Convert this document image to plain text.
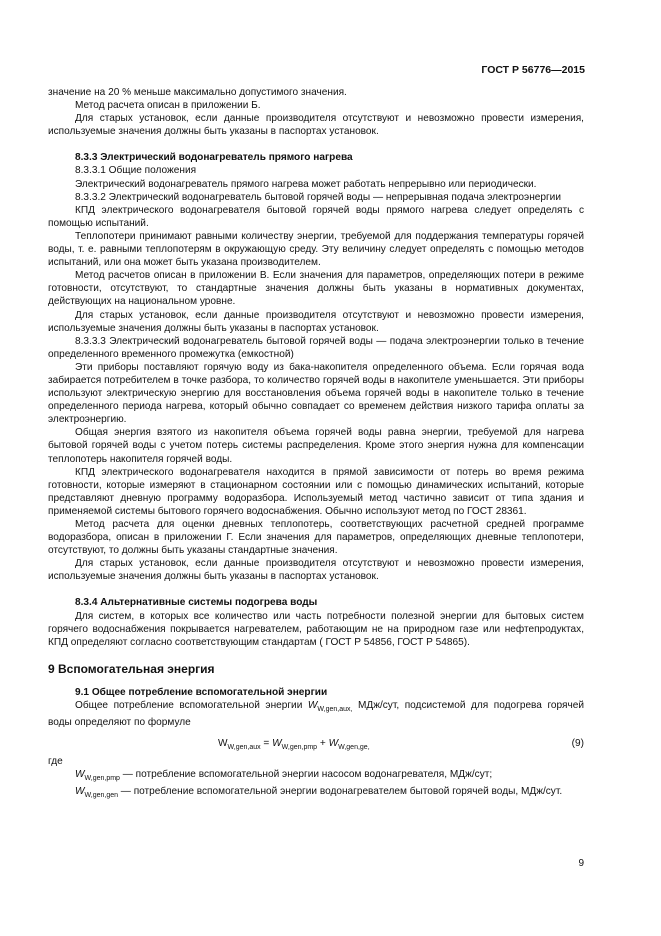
ГОСТ Р 56776—2015

значение на 20 % меньше максимально допустимого значения.

Метод расчета описан в приложении Б.

Для старых установок, если данные производителя отсутствуют и невозможно провести измерения, используемые значения должны быть указаны в паспортах установок.

8.3.3 Электрический водонагреватель прямого нагрева

8.3.3.1 Общие положения

Электрический водонагреватель прямого нагрева может работать непрерывно или периодически.

8.3.3.2 Электрический водонагреватель бытовой горячей воды — непрерывная подача электроэнергии

КПД электрического водонагревателя бытовой горячей воды прямого нагрева следует определять с помощью испытаний.

Теплопотери принимают равными количеству энергии, требуемой для поддержания температуры горячей воды, т. е. равными теплопотерям в окружающую среду. Эту величину следует определять с помощью методов испытаний, или она может быть указана производителем.

Метод расчетов описан в приложении В. Если значения для параметров, определяющих потери в режиме готовности, отсутствуют, то стандартные значения должны быть указаны в нормативных документах, действующих на национальном уровне.

Для старых установок, если данные производителя отсутствуют и невозможно провести измерения, используемые значения должны быть указаны в паспортах установок.

8.3.3.3 Электрический водонагреватель бытовой горячей воды — подача электроэнергии только в течение определенного временного промежутка (емкостной)

Эти приборы поставляют горячую воду из бака-накопителя определенного объема. Если горячая вода забирается потребителем в точке разбора, то количество горячей воды в накопителе уменьшается. Эти приборы используют электрическую энергию для восстановления объема горячей воды в накопителе только в течение определенного периода нагрева, который обычно совпадает со временем действия низкого тарифа оплаты за электроэнергию.

Общая энергия взятого из накопителя объема горячей воды равна энергии, требуемой для нагрева бытовой горячей воды с учетом потерь системы распределения. Кроме этого энергия нужна для компенсации теплопотерь накопителя горячей воды.

КПД электрического водонагревателя находится в прямой зависимости от потерь во время режима готовности, которые измеряют в стационарном состоянии или с помощью динамических испытаний, которые представляют дневную программу водоразбора. Используемый метод частично зависит от типа здания и применяемой системы бытового горячего водоснабжения. Обычно используют метод по ГОСТ 28361.

Метод расчета для оценки дневных теплопотерь, соответствующих расчетной средней программе водоразбора, описан в приложении Г. Если значения для параметров, определяющих дневные теплопотери, отсутствуют, то должны быть указаны стандартные значения.

Для старых установок, если данные производителя отсутствуют и невозможно провести измерения, используемые значения должны быть указаны в паспортах установок.

8.3.4 Альтернативные системы подогрева воды

Для систем, в которых все количество или часть потребности полезной энергии для бытовых систем горячего водоснабжения покрывается нагревателем, работающим не на природном газе или нефтепродуктах, КПД определяют согласно соответствующим стандартам ( ГОСТ Р 54856, ГОСТ Р 54865).

9 Вспомогательная энергия

9.1 Общее потребление вспомогательной энергии

Общее потребление вспомогательной энергии $W_{W,gen,aux,}$ МДж/сут, подсистемой для подогрева горячей воды определяют по формуле

$W_{W,gen,aux} = W_{W,gen,pmp} + W_{W,gen,ge,}$	(9)

где

$W_{W,gen,pmp}$ — потребление вспомогательной энергии насосом водонагревателя, МДж/сут;

$W_{W,gen,gen}$ — потребление вспомогательной энергии водонагревателем бытовой горячей воды, МДж/сут.

9
